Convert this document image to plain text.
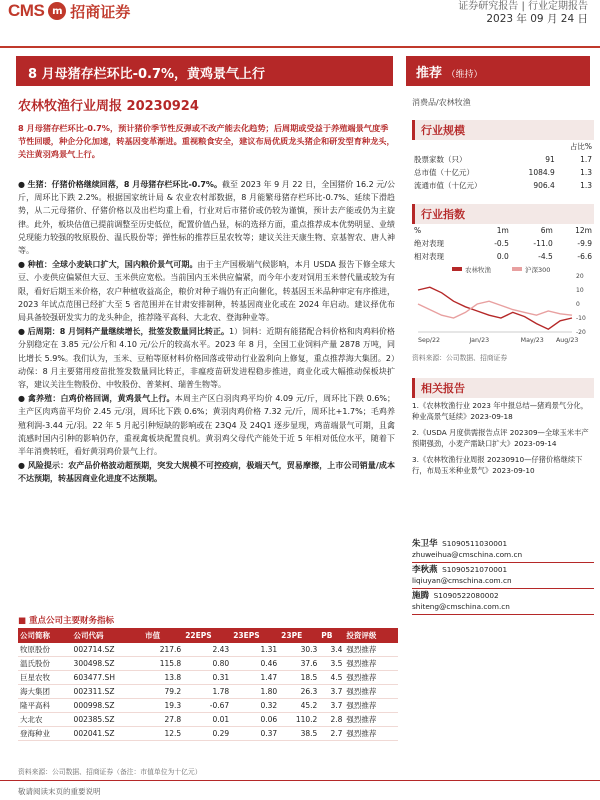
CMS m 招商证券	证券研究报告 | 行业定期报告
2023 年 09 月 24 日
8 月母猪存栏环比-0.7%，黄鸡景气上行	推荐 （维持）
农林牧渔行业周报 20230924	消费品/农林牧渔
8 月母猪存栏环比-0.7%，预计猪价季节性反弹或不改产能去化趋势；后周期或受益于养殖端景气度季节性回暖，种企分化加速，转基因变革渐进。重视粮食安全，建议布局优质龙头猪企和研发型育种龙头，关注黄羽鸡景气上行。
● 生猪：仔猪价格继续回落，8 月母猪存栏环比-0.7%。截至 2023 年 9 月 22 日，全国猪价 16.2 元/公斤，周环比下跌 2.2%。根据国家统计局 & 农业农村部数据，8 月能繁母猪存栏环比-0.7%、延续下滑趋势，从二元母猪价、仔猪价格以及出栏均重上看，行业对后市猪价或仍较为谨慎，预计去产能或仍为主旋律。此外，板块估值已提前调整至历史低位，配置价值凸显，标的选择方面，重点推荐成本优势明显、业绩兑现能力较强的牧原股份、温氏股份等；弹性标的推荐巨星农牧等；建议关注天康生物、京基智农、唐人神等。
● 种植：全球小麦缺口扩大，国内粮价景气可期。由于主产国极端气候影响，本月 USDA 报告下修全球大豆、小麦供应偏紧但大豆、玉米供应宽松。当前国内玉米供应偏紧，而今年小麦对饲用玉米替代量或较为有限，看好后期玉米价格，农户种植收益高企，粮价对种子端仍有正向催化，转基因玉米品种审定有序推进，2023 年试点范围已经扩大至 5 省范围并在甘肃安排制种，转基因商业化或在 2024 年启动。建议择优布局具备较强研发实力的龙头种企，推荐隆平高科、大北农、登海种业等。
● 后周期：8 月饲料产量继续增长，批签发数量同比转正。1）饲料：近期有能猪配合料价格和肉鸡料价格分别稳定在 3.85 元/公斤和 4.10 元/公斤的较高水平。2023 年 8 月，全国工业饲料产量 2878 万吨，同比增长 5.9%。我们认为，玉米、豆粕等原材料价格回落或带动行业盈利向上修复，重点推荐海大集团。2）动保：8 月主要猪用疫苗批签发数量同比转正，非瘟疫苗研发进程稳步推进，商业化或大幅推动保板块扩容，建议关注生物股份、中牧股份、普莱柯、瑞普生物等。
● 禽养殖：白鸡价格回调，黄鸡景气上行。本周主产区白羽肉鸡平均价 4.09 元/斤，周环比下跌 0.6%；主产区肉鸡苗平均价 2.45 元/羽，周环比下跌 0.6%；黄羽肉鸡价格 7.32 元/斤，周环比+1.7%；毛鸡养殖利润-3.44 元/羽。22 年 5 月起引种短缺的影响或在 23Q4 及 24Q1 逐步显现，鸡苗端景气可期，且禽流感时国内引种的影响仍存，重视禽板块配置良机。黄羽鸡父母代产能处于近 5 年相对低位水平，随着下半年消费转旺，看好黄羽鸡价景气上行。
● 风险提示：农产品价格波动超预期，突发大规模不可控疫病，极端天气，贸易摩擦，上市公司销量/成本不达预期，转基因商业化进度不达预期。
行业规模
		占比%
股票家数（只）	91	1.7
总市值（十亿元）	1084.9	1.3
流通市值（十亿元）	906.4	1.3
行业指数
%	1m	6m	12m
绝对表现	-0.5	-11.0	-9.9
相对表现	0.0	-4.5	-6.6
农林牧渔	沪深300
20
10
0
-10
-20
Sep/22	Jan/23	May/23 Aug/23
资料来源：公司数据、招商证券
相关报告
1.《农林牧渔行业 2023 年中报总结—猪鸡景气分化，种业高景气延续》2023-09-18
2.《USDA 月度供需报告点评 202309—全球玉米丰产预期强劲，小麦产需缺口扩大》2023-09-14
3.《农林牧渔行业周报 20230910—仔猪价格继续下行，布局玉米种业景气》2023-09-10
朱卫华 S1090511030001
zhuweihua@cmschina.com.cn
李秋燕 S1090521070001
liqiuyan@cmschina.com.cn
施腾 S1090522080002
shiteng@cmschina.com.cn
■ 重点公司主要财务指标
公司简称	公司代码	市值	22EPS	23EPS	23PE	PB	投资评级
牧原股份	002714.SZ	217.6	2.43	1.31	30.3	3.4	强烈推荐
温氏股份	300498.SZ	115.8	0.80	0.46	37.6	3.5	强烈推荐
巨星农牧	603477.SH	13.8	0.31	1.47	18.5	4.5	强烈推荐
海大集团	002311.SZ	79.2	1.78	1.80	26.3	3.7	强烈推荐
隆平高科	000998.SZ	19.3	-0.67	0.32	45.2	3.7	强烈推荐
大北农	002385.SZ	27.8	0.01	0.06	110.2	2.8	强烈推荐
登海种业	002041.SZ	12.5	0.29	0.37	38.5	2.7	强烈推荐
资料来源：公司数据、招商证券（备注：市值单位为十亿元）
敬请阅读末页的重要说明
